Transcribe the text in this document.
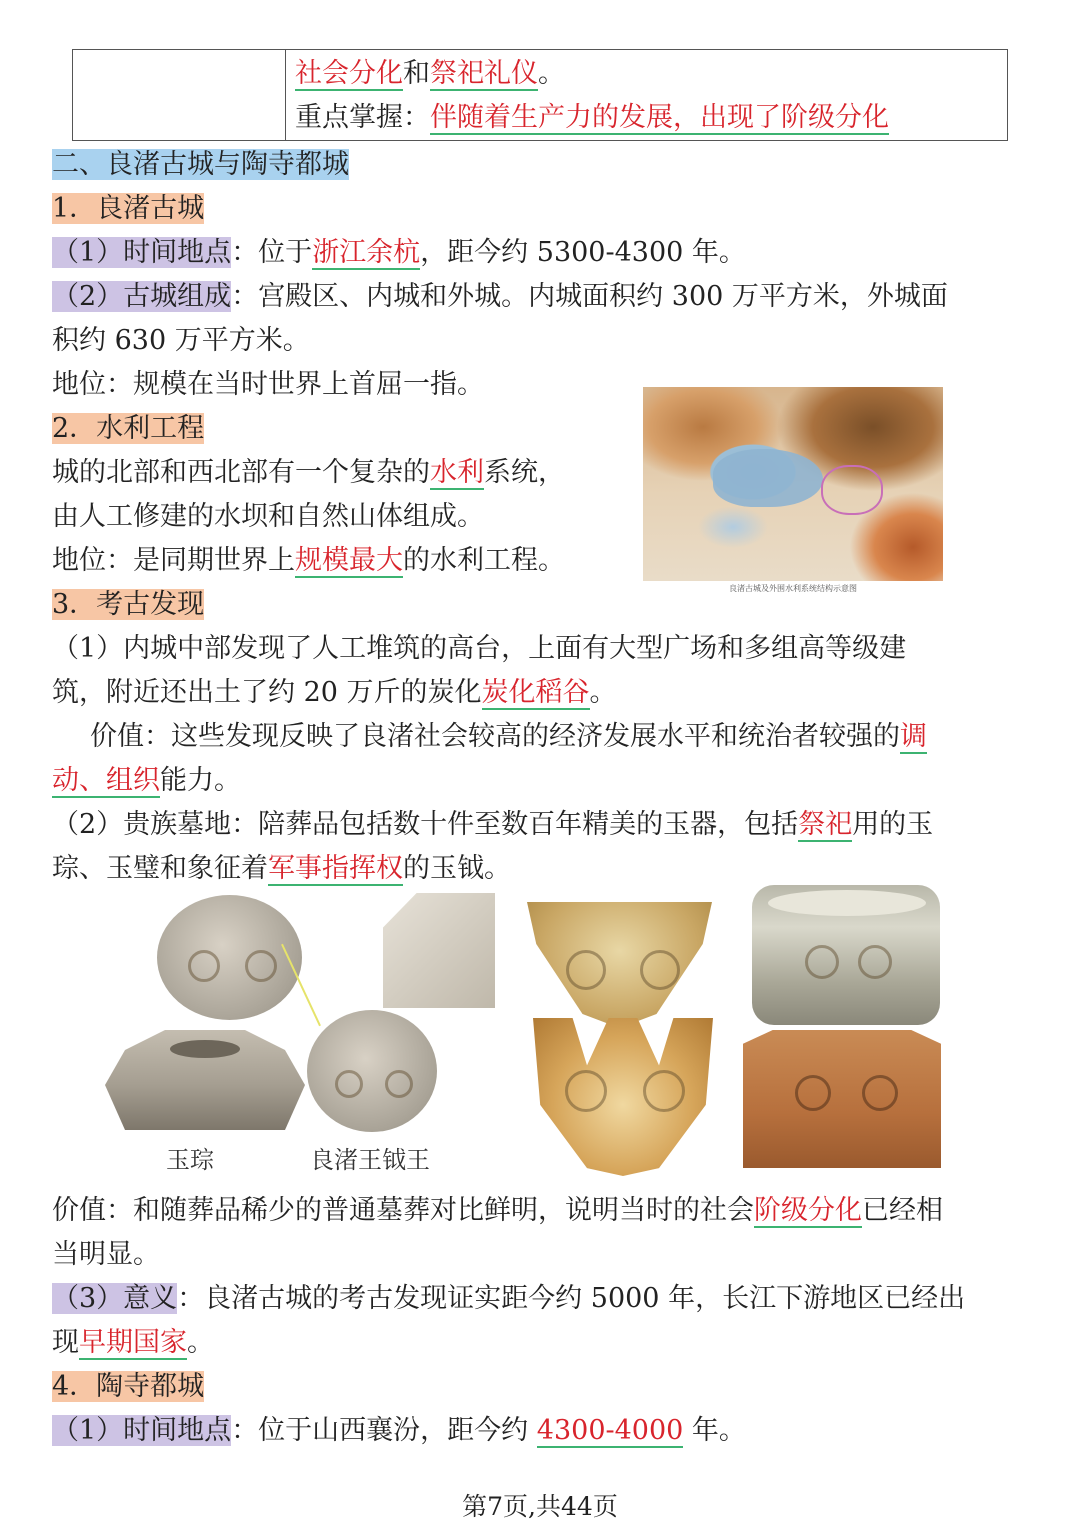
社会分化和祭祀礼仪。
重点掌握：伴随着生产力的发展，出现了阶级分化
二、良渚古城与陶寺都城
1．良渚古城
（1）时间地点：位于浙江余杭，距今约 5300-4300 年。
（2）古城组成：宫殿区、内城和外城。内城面积约 300 万平方米，外城面
积约 630 万平方米。
地位：规模在当时世界上首屈一指。
2．水利工程
城的北部和西北部有一个复杂的水利系统，
由人工修建的水坝和自然山体组成。
地位：是同期世界上规模最大的水利工程。
良渚古城及外围水利系统结构示意图
3．考古发现
（1）内城中部发现了人工堆筑的高台，上面有大型广场和多组高等级建
筑，附近还出土了约 20 万斤的炭化炭化稻谷。
价值：这些发现反映了良渚社会较高的经济发展水平和统治者较强的调
动、组织能力。
（2）贵族墓地：陪葬品包括数十件至数百年精美的玉器，包括祭祀用的玉
琮、玉璧和象征着军事指挥权的玉钺。
玉琮	良渚王钺王
价值：和随葬品稀少的普通墓葬对比鲜明，说明当时的社会阶级分化已经相
当明显。
（3）意义：良渚古城的考古发现证实距今约 5000 年，长江下游地区已经出
现早期国家。
4．陶寺都城
（1）时间地点：位于山西襄汾，距今约 4300-4000 年。
第7页,共44页
